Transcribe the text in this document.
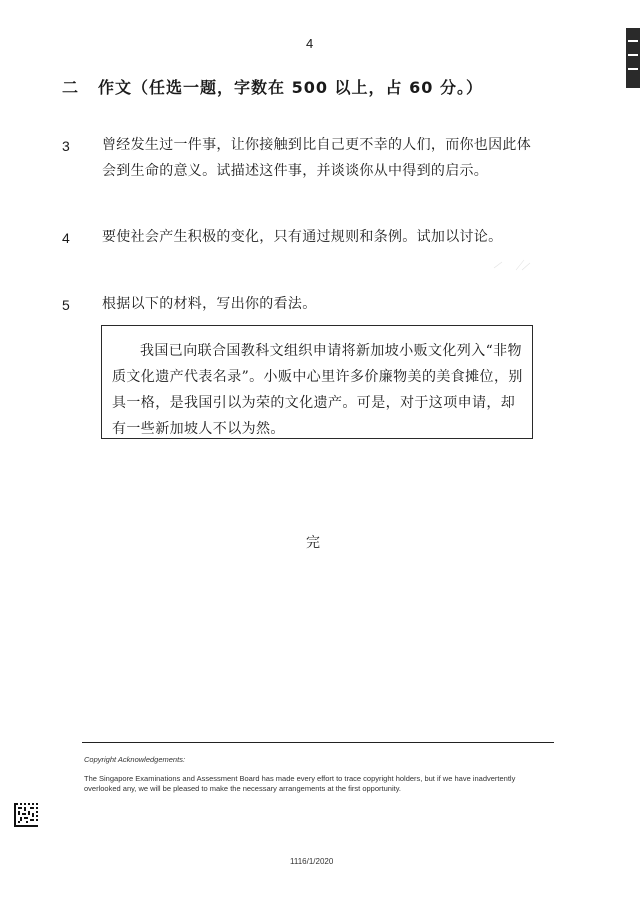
4
二 作文（任选一题，字数在 500 以上，占 60 分。）
3 曾经发生过一件事，让你接触到比自己更不幸的人们，而你也因此体
会到生命的意义。试描述这件事，并谈谈你从中得到的启示。
4 要使社会产生积极的变化，只有通过规则和条例。试加以讨论。
5 根据以下的材料，写出你的看法。
我国已向联合国教科文组织申请将新加坡小贩文化列入“非物质文化遗产代表名录”。小贩中心里许多价廉物美的美食摊位，别具一格，是我国引以为荣的文化遗产。可是，对于这项申请，却有一些新加坡人不以为然。
完
Copyright Acknowledgements:
The Singapore Examinations and Assessment Board has made every effort to trace copyright holders, but if we have inadvertently overlooked any, we will be pleased to make the necessary arrangements at the first opportunity.
1116/1/2020
